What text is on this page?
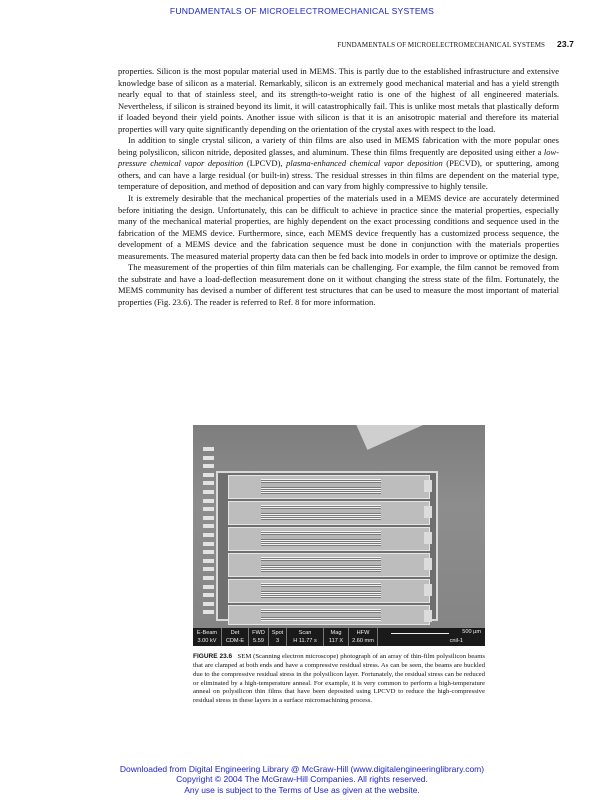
FUNDAMENTALS OF MICROELECTROMECHANICAL SYSTEMS
FUNDAMENTALS OF MICROELECTROMECHANICAL SYSTEMS 23.7

properties. Silicon is the most popular material used in MEMS. This is partly due to the established infrastructure and extensive knowledge base of silicon as a material. Remarkably, silicon is an extremely good mechanical material and has a yield strength nearly equal to that of stainless steel, and its strength-to-weight ratio is one of the highest of all engineered materials. Nevertheless, if silicon is strained beyond its limit, it will catastrophically fail. This is unlike most metals that plastically deform if loaded beyond their yield points. Another issue with silicon is that it is an anisotropic material and therefore its material properties will vary quite significantly depending on the orientation of the crystal axes with respect to the load.

In addition to single crystal silicon, a variety of thin films are also used in MEMS fabrication with the more popular ones being polysilicon, silicon nitride, deposited glasses, and aluminum. These thin films frequently are deposited using either a low-pressure chemical vapor deposition (LPCVD), plasma-enhanced chemical vapor deposition (PECVD), or sputtering, among others, and can have a large residual (or built-in) stress. The residual stresses in thin films are dependent on the material type, temperature of deposition, and method of deposition and can vary from highly compressive to highly tensile.

It is extremely desirable that the mechanical properties of the materials used in a MEMS device are accurately determined before initiating the design. Unfortunately, this can be difficult to achieve in practice since the material properties, especially many of the mechanical material properties, are highly dependent on the exact processing conditions and sequence used in the fabrication of the MEMS device. Furthermore, since, each MEMS device frequently has a customized process sequence, the development of a MEMS device and the fabrication sequence must be done in conjunction with the materials properties measurements. The measured material property data can then be fed back into models in order to improve or optimize the design.

The measurement of the properties of thin film materials can be challenging. For example, the film cannot be removed from the substrate and have a load-deflection measurement done on it without changing the stress state of the film. Fortunately, the MEMS community has devised a number of different test structures that can be used to measure the most important of material properties (Fig. 23.6). The reader is referred to Ref. 8 for more information.

E-Beam
3.00 kV
Det
CDM-E
FWD
5.59
Spot
3
Scan
H 11.77 s
Mag
117 X
HFW
2.60 mm
500 µm
cnil-1
FIGURE 23.6 SEM (Scanning electron microscope) photograph of an array of thin-film polysilicon beams that are clamped at both ends and have a compressive residual stress. As can be seen, the beams are buckled due to the compressive residual stress in the polysilicon layer. Fortunately, the residual stress can be reduced or eliminated by a high-temperature anneal. For example, it is very common to perform a high-temperature anneal on polysilicon thin films that have been deposited using LPCVD to reduce the high-compressive residual stress in these layers in a surface micromachining process.
Downloaded from Digital Engineering Library @ McGraw-Hill (www.digitalengineeringlibrary.com)
Copyright © 2004 The McGraw-Hill Companies. All rights reserved.
Any use is subject to the Terms of Use as given at the website.
